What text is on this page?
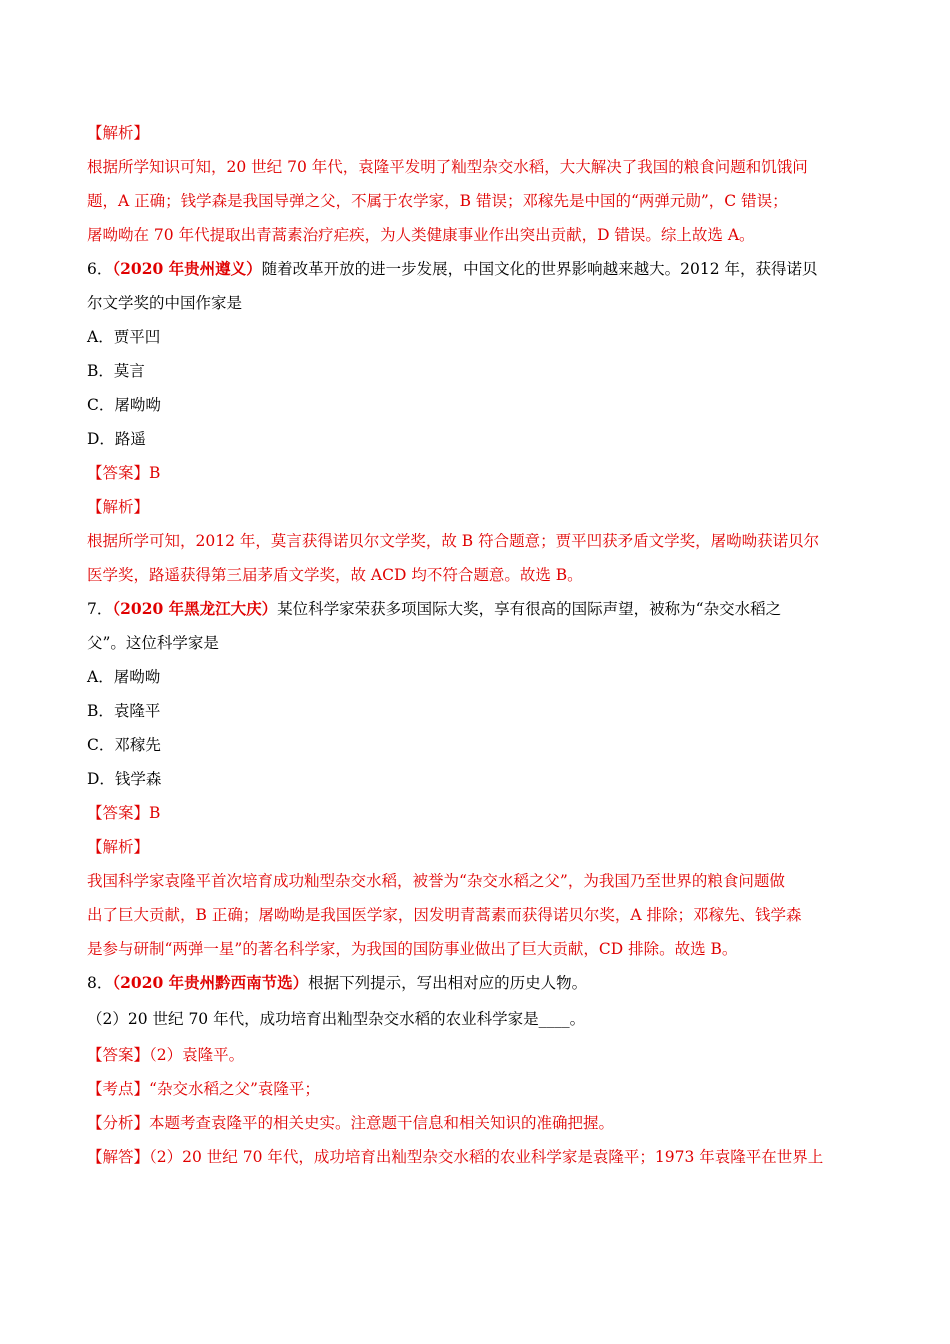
【解析】

根据所学知识可知，20 世纪 70 年代，袁隆平发明了籼型杂交水稻，大大解决了我国的粮食问题和饥饿问

题，A 正确；钱学森是我国导弹之父，不属于农学家，B 错误；邓稼先是中国的“两弹元勋”，C 错误；

屠呦呦在 70 年代提取出青蒿素治疗疟疾，为人类健康事业作出突出贡献，D 错误。综上故选 A。

6．（2020 年贵州遵义）随着改革开放的进一步发展，中国文化的世界影响越来越大。2012 年，获得诺贝

尔文学奖的中国作家是

A．贾平凹

B．莫言

C．屠呦呦

D．路遥

【答案】B

【解析】

根据所学可知，2012 年，莫言获得诺贝尔文学奖，故 B 符合题意；贾平凹获矛盾文学奖，屠呦呦获诺贝尔

医学奖，路遥获得第三届茅盾文学奖，故 ACD 均不符合题意。故选 B。

7．（2020 年黑龙江大庆）某位科学家荣获多项国际大奖，享有很高的国际声望，被称为“杂交水稻之

父”。这位科学家是

A．屠呦呦

B．袁隆平

C．邓稼先

D．钱学森

【答案】B

【解析】

我国科学家袁隆平首次培育成功籼型杂交水稻，被誉为“杂交水稻之父”，为我国乃至世界的粮食问题做

出了巨大贡献，B 正确；屠呦呦是我国医学家，因发明青蒿素而获得诺贝尔奖，A 排除；邓稼先、钱学森

是参与研制“两弹一星”的著名科学家，为我国的国防事业做出了巨大贡献，CD 排除。故选 B。

8．（2020 年贵州黔西南节选）根据下列提示，写出相对应的历史人物。

（2）20 世纪 70 年代，成功培育出籼型杂交水稻的农业科学家是____。

【答案】（2）袁隆平。

【考点】“杂交水稻之父”袁隆平；

【分析】本题考查袁隆平的相关史实。注意题干信息和相关知识的准确把握。

【解答】（2）20 世纪 70 年代，成功培育出籼型杂交水稻的农业科学家是袁隆平；1973 年袁隆平在世界上
